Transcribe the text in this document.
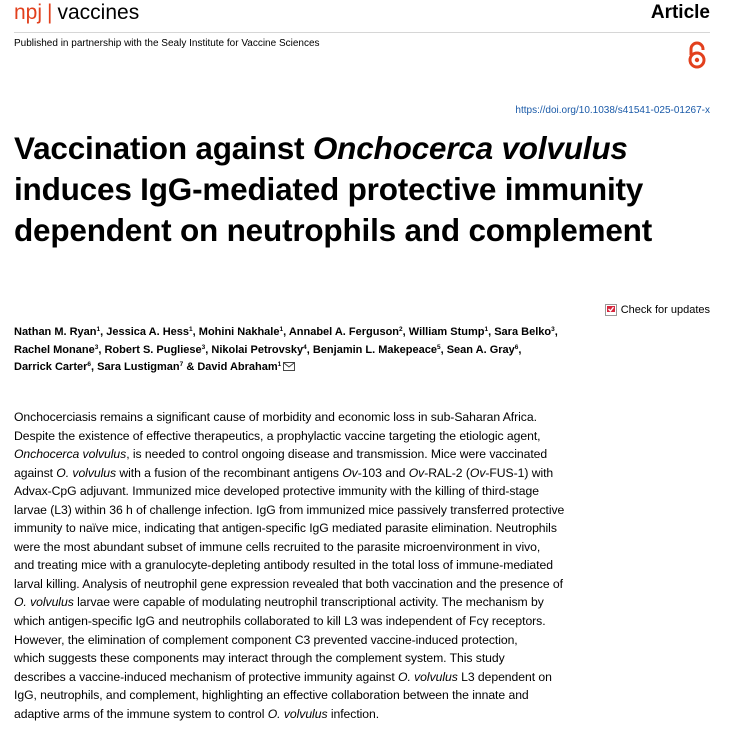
npj | vaccines	Article
Published in partnership with the Sealy Institute for Vaccine Sciences
https://doi.org/10.1038/s41541-025-01267-x
Vaccination against Onchocerca volvulus induces IgG-mediated protective immunity dependent on neutrophils and complement
Check for updates

Nathan M. Ryan$^1$, Jessica A. Hess$^1$, Mohini Nakhale$^1$, Annabel A. Ferguson$^2$, William Stump$^1$, Sara Belko$^3$,
Rachel Monane$^3$, Robert S. Pugliese$^3$, Nikolai Petrovsky$^4$, Benjamin L. Makepeace$^5$, Sean A. Gray$^6$,
Darrick Carter$^6$, Sara Lustigman$^7$ & David Abraham$^1$

Onchocerciasis remains a significant cause of morbidity and economic loss in sub-Saharan Africa.
Despite the existence of effective therapeutics, a prophylactic vaccine targeting the etiologic agent,
Onchocerca volvulus, is needed to control ongoing disease and transmission. Mice were vaccinated
against O. volvulus with a fusion of the recombinant antigens Ov-103 and Ov-RAL-2 (Ov-FUS-1) with
Advax-CpG adjuvant. Immunized mice developed protective immunity with the killing of third-stage
larvae (L3) within 36 h of challenge infection. IgG from immunized mice passively transferred protective
immunity to naïve mice, indicating that antigen-specific IgG mediated parasite elimination. Neutrophils
were the most abundant subset of immune cells recruited to the parasite microenvironment in vivo,
and treating mice with a granulocyte-depleting antibody resulted in the total loss of immune-mediated
larval killing. Analysis of neutrophil gene expression revealed that both vaccination and the presence of
O. volvulus larvae were capable of modulating neutrophil transcriptional activity. The mechanism by
which antigen-specific IgG and neutrophils collaborated to kill L3 was independent of Fcγ receptors.
However, the elimination of complement component C3 prevented vaccine-induced protection,
which suggests these components may interact through the complement system. This study
describes a vaccine-induced mechanism of protective immunity against O. volvulus L3 dependent on
IgG, neutrophils, and complement, highlighting an effective collaboration between the innate and
adaptive arms of the immune system to control O. volvulus infection.
